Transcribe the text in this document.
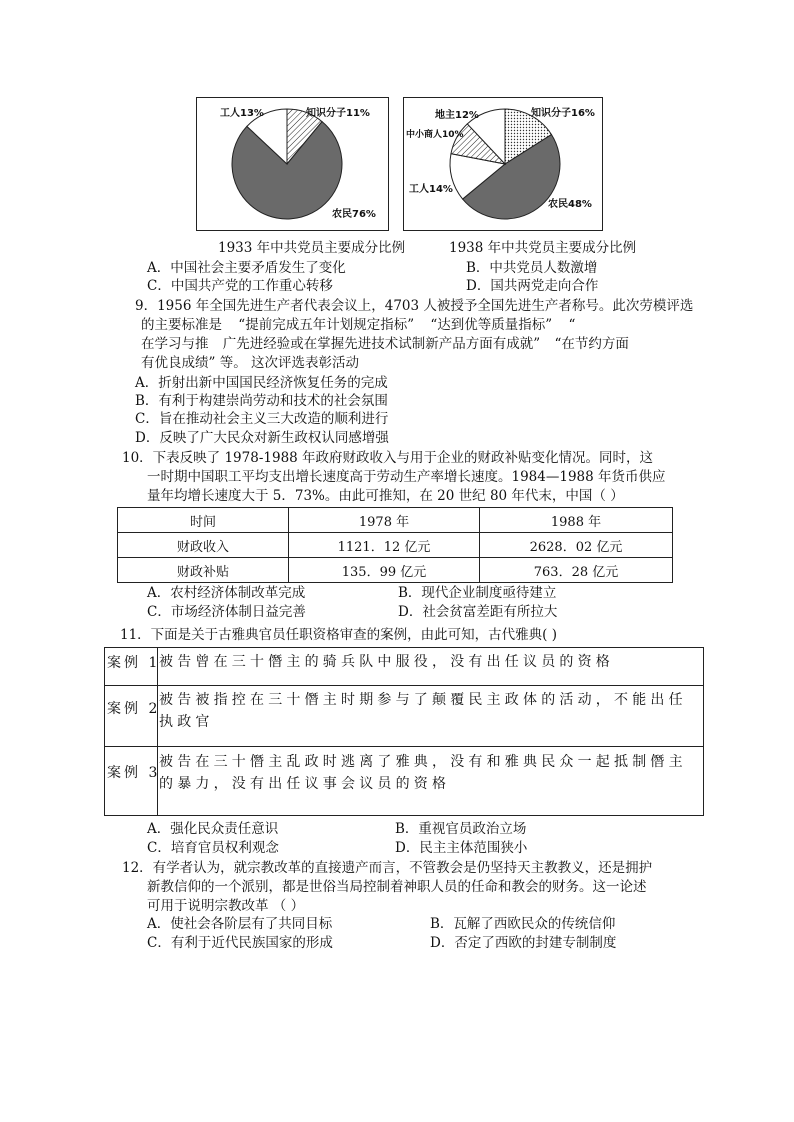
知识分子11%
工人13%
农民76%
地主12%	知识分子16%
中小商人10%
工人14%
农民48%
1933 年中共党员主要成分比例	1938 年中共党员主要成分比例
A．中国社会主要矛盾发生了变化	B．中共党员人数激增
C．中国共产党的工作重心转移	D．国共两党走向合作
9．1956 年全国先进生产者代表会议上，4703 人被授予全国先进生产者称号。此次劳模评选
的主要标准是 “提前完成五年计划规定指标” “达到优等质量指标” “
在学习与推 广先进经验或在掌握先进技术试制新产品方面有成就” “在节约方面
有优良成绩” 等。 这次评选表彰活动
A．折射出新中国国民经济恢复任务的完成
B．有利于构建崇尚劳动和技术的社会氛围
C．旨在推动社会主义三大改造的顺利进行
D．反映了广大民众对新生政权认同感增强
10．下表反映了 1978-1988 年政府财政收入与用于企业的财政补贴变化情况。同时，这
一时期中国职工平均支出增长速度高于劳动生产率增长速度。1984—1988 年货币供应
量年均增长速度大于 5．73%。由此可推知，在 20 世纪 80 年代末，中国（ ）
时间	1978 年	1988 年
财政收入	1121．12 亿元	2628．02 亿元
财政补贴	135．99 亿元	763．28 亿元
A．农村经济体制改革完成	B．现代企业制度亟待建立
C．市场经济体制日益完善	D．社会贫富差距有所拉大
11．下面是关于古雅典官员任职资格审查的案例，由此可知，古代雅典( )
案例 1
被告曾在三十僭主的骑兵队中服役，没有出任议员的资格
案例 2
被告被指控在三十僭主时期参与了颠覆民主政体的活动，不能出任执政官
案例 3
被告在三十僭主乱政时逃离了雅典，没有和雅典民众一起抵制僭主的暴力，没有出任议事会议员的资格
A．强化民众责任意识	B．重视官员政治立场
C．培育官员权利观念	D．民主主体范围狭小
12．有学者认为，就宗教改革的直接遗产而言，不管教会是仍坚持天主教教义，还是拥护
新教信仰的一个派别，都是世俗当局控制着神职人员的任命和教会的财务。这一论述
可用于说明宗教改革 （ ）
A．使社会各阶层有了共同目标	B．瓦解了西欧民众的传统信仰
C．有利于近代民族国家的形成	D．否定了西欧的封建专制制度
